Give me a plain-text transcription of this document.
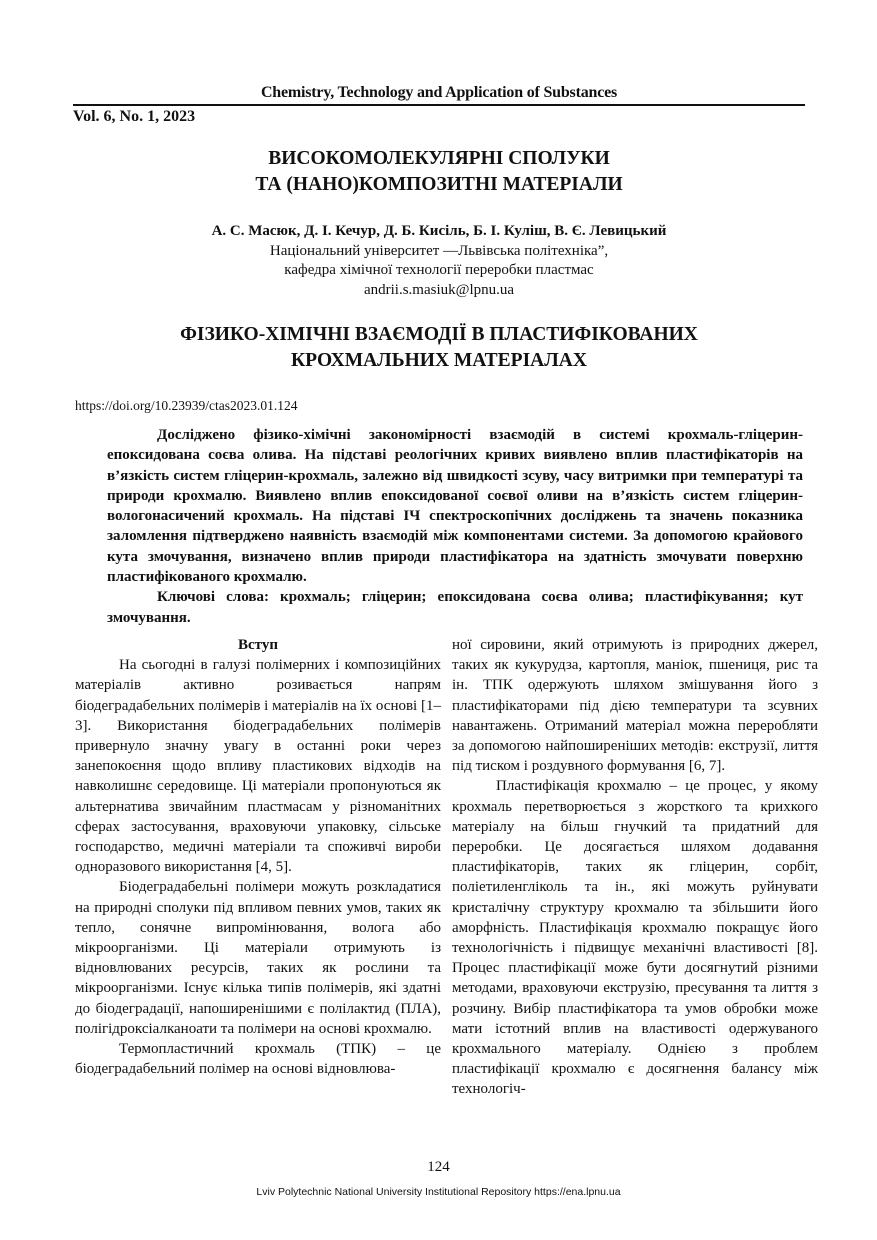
Chemistry, Technology and Application of Substances
Vol. 6, No. 1, 2023
ВИСОКОМОЛЕКУЛЯРНІ СПОЛУКИ
ТА (НАНО)КОМПОЗИТНІ МАТЕРІАЛИ
А. С. Масюк, Д. І. Кечур, Д. Б. Кисіль, Б. І. Куліш, В. Є. Левицький
Національний університет ―Львівська політехніка”,
кафедра хімічної технології переробки пластмас
andrii.s.masiuk@lpnu.ua
ФІЗИКО-ХІМІЧНІ ВЗАЄМОДІЇ В ПЛАСТИФІКОВАНИХ
КРОХМАЛЬНИХ МАТЕРІАЛАХ
https://doi.org/10.23939/ctas2023.01.124

Досліджено фізико-хімічні закономірності взаємодій в системі крохмаль-гліцерин-епоксидована соєва олива. На підставі реологічних кривих виявлено вплив пластифікаторів на в’язкість систем гліцерин-крохмаль, залежно від швидкості зсуву, часу витримки при температурі та природи крохмалю. Виявлено вплив епоксидованої соєвої оливи на в’язкість систем гліцерин-вологонасичений крохмаль. На підставі ІЧ спектроскопічних досліджень та значень показника заломлення підтверджено наявність взаємодій між компонентами системи. За допомогою крайового кута змочування, визначено вплив природи пластифікатора на здатність змочувати поверхню пластифікованого крохмалю.

Ключові слова: крохмаль; гліцерин; епоксидована соєва олива; пластифікування; кут змочування.

Вступ

На сьогодні в галузі полімерних і композиційних матеріалів активно розивається напрям біодеградабельних полімерів і матеріалів на їх основі [1–3]. Використання біодеградабельних полімерів привернуло значну увагу в останні роки через занепокоєння щодо впливу пластикових відходів на навколишнє середовище. Ці матеріали пропонуються як альтернатива звичайним пластмасам у різноманітних сферах застосування, враховуючи упаковку, сільське господарство, медичні матеріали та споживчі вироби одноразового використання [4, 5].

Біодеградабельні полімери можуть розкладатися на природні сполуки під впливом певних умов, таких як тепло, сонячне випромінювання, волога або мікроорганізми. Ці матеріали отримують із відновлюваних ресурсів, таких як рослини та мікроорганізми. Існує кілька типів полімерів, які здатні до біодеградації, напоширенішими є полілактид (ПЛА), полігідроксіалканоати та полімери на основі крохмалю.

Термопластичний крохмаль (ТПК) – це біодеградабельний полімер на основі відновлюва-

ної сировини, який отримують із природних джерел, таких як кукурудза, картопля, маніок, пшениця, рис та ін. ТПК одержують шляхом змішування його з пластифікаторами під дією температури та зсувних навантажень. Отриманий матеріал можна переробляти за допомогою найпоширеніших методів: екструзії, лиття під тиском і роздувного формування [6, 7].

Пластифікація крохмалю – це процес, у якому крохмаль перетворюється з жорсткого та крихкого матеріалу на більш гнучкий та придатний для переробки. Це досягається шляхом додавання пластифікаторів, таких як гліцерин, сорбіт, поліетиленгліколь та ін., які можуть руйнувати кристалічну структуру крохмалю та збільшити його аморфність. Пластифікація крохмалю покращує його технологічність і підвищує механічні властивості [8]. Процес пластифікації може бути досягнутий різними методами, враховуючи екструзію, пресування та лиття з розчину. Вибір пластифікатора та умов обробки може мати істотний вплив на властивості одержуваного крохмального матеріалу. Однією з проблем пластифікації крохмалю є досягнення балансу між технологіч-

124
Lviv Polytechnic National University Institutional Repository https://ena.lpnu.ua
